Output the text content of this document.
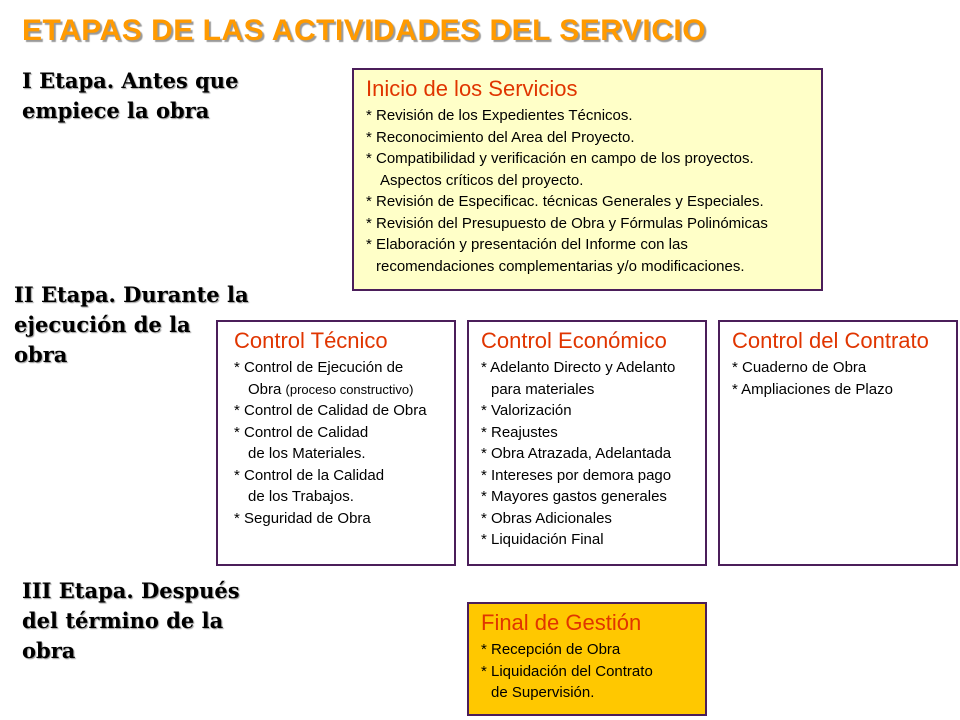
ETAPAS DE LAS ACTIVIDADES DEL SERVICIO
I Etapa. Antes que
empiece la obra
II Etapa. Durante la
ejecución de la
obra
III Etapa. Después
del término de la
obra
Inicio de los Servicios
* Revisión de los Expedientes Técnicos.
* Reconocimiento del Area del Proyecto.
* Compatibilidad y verificación en campo de los proyectos.
Aspectos críticos del proyecto.
* Revisión de Especificac. técnicas Generales y Especiales.
* Revisión del Presupuesto de Obra y Fórmulas Polinómicas
* Elaboración y presentación del Informe con las
recomendaciones complementarias y/o modificaciones.
Control Técnico
* Control de Ejecución de
Obra (proceso constructivo)
* Control de Calidad de Obra
* Control de Calidad
de los Materiales.
* Control de la Calidad
de los Trabajos.
* Seguridad de Obra
Control Económico
* Adelanto Directo y Adelanto
para materiales
* Valorización
* Reajustes
* Obra Atrazada, Adelantada
* Intereses por demora pago
* Mayores gastos generales
* Obras Adicionales
* Liquidación Final
Control del Contrato
* Cuaderno de Obra
* Ampliaciones de Plazo
Final de Gestión
* Recepción de Obra
* Liquidación del Contrato
de Supervisión.
